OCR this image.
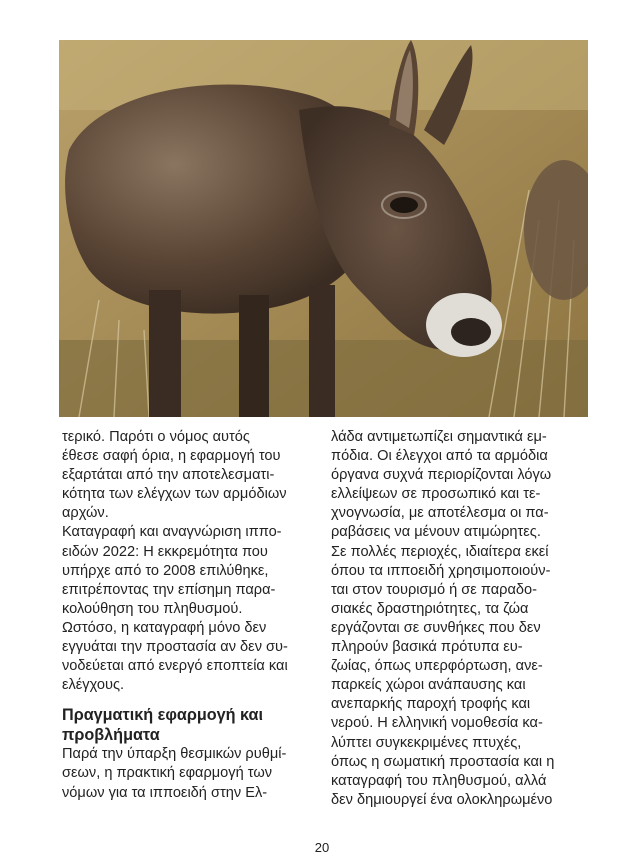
τερικό. Παρότι ο νόμος αυτός

έθεσε σαφή όρια, η εφαρμογή του

εξαρτάται από την αποτελεσματι-

κότητα των ελέγχων των αρμόδιων

αρχών.

Καταγραφή και αναγνώριση ιππο-

ειδών 2022: Η εκκρεμότητα που

υπήρχε από το 2008 επιλύθηκε,

επιτρέποντας την επίσημη παρα-

κολούθηση του πληθυσμού.

Ωστόσο, η καταγραφή μόνο δεν

εγγυάται την προστασία αν δεν συ-

νοδεύεται από ενεργό εποπτεία και

ελέγχους.

Πραγματική εφαρμογή και
προβλήματα

Παρά την ύπαρξη θεσμικών ρυθμί-

σεων, η πρακτική εφαρμογή των

νόμων για τα ιπποειδή στην Ελ-

λάδα αντιμετωπίζει σημαντικά εμ-

πόδια. Οι έλεγχοι από τα αρμόδια

όργανα συχνά περιορίζονται λόγω

ελλείψεων σε προσωπικό και τε-

χνογνωσία, με αποτέλεσμα οι πα-

ραβάσεις να μένουν ατιμώρητες.

Σε πολλές περιοχές, ιδιαίτερα εκεί

όπου τα ιπποειδή χρησιμοποιούν-

ται στον τουρισμό ή σε παραδο-

σιακές δραστηριότητες, τα ζώα

εργάζονται σε συνθήκες που δεν

πληρούν βασικά πρότυπα ευ-

ζωίας, όπως υπερφόρτωση, ανε-

παρκείς χώροι ανάπαυσης και

ανεπαρκής παροχή τροφής και

νερού. Η ελληνική νομοθεσία κα-

λύπτει συγκεκριμένες πτυχές,

όπως η σωματική προστασία και η

καταγραφή του πληθυσμού, αλλά

δεν δημιουργεί ένα ολοκληρωμένο

20
